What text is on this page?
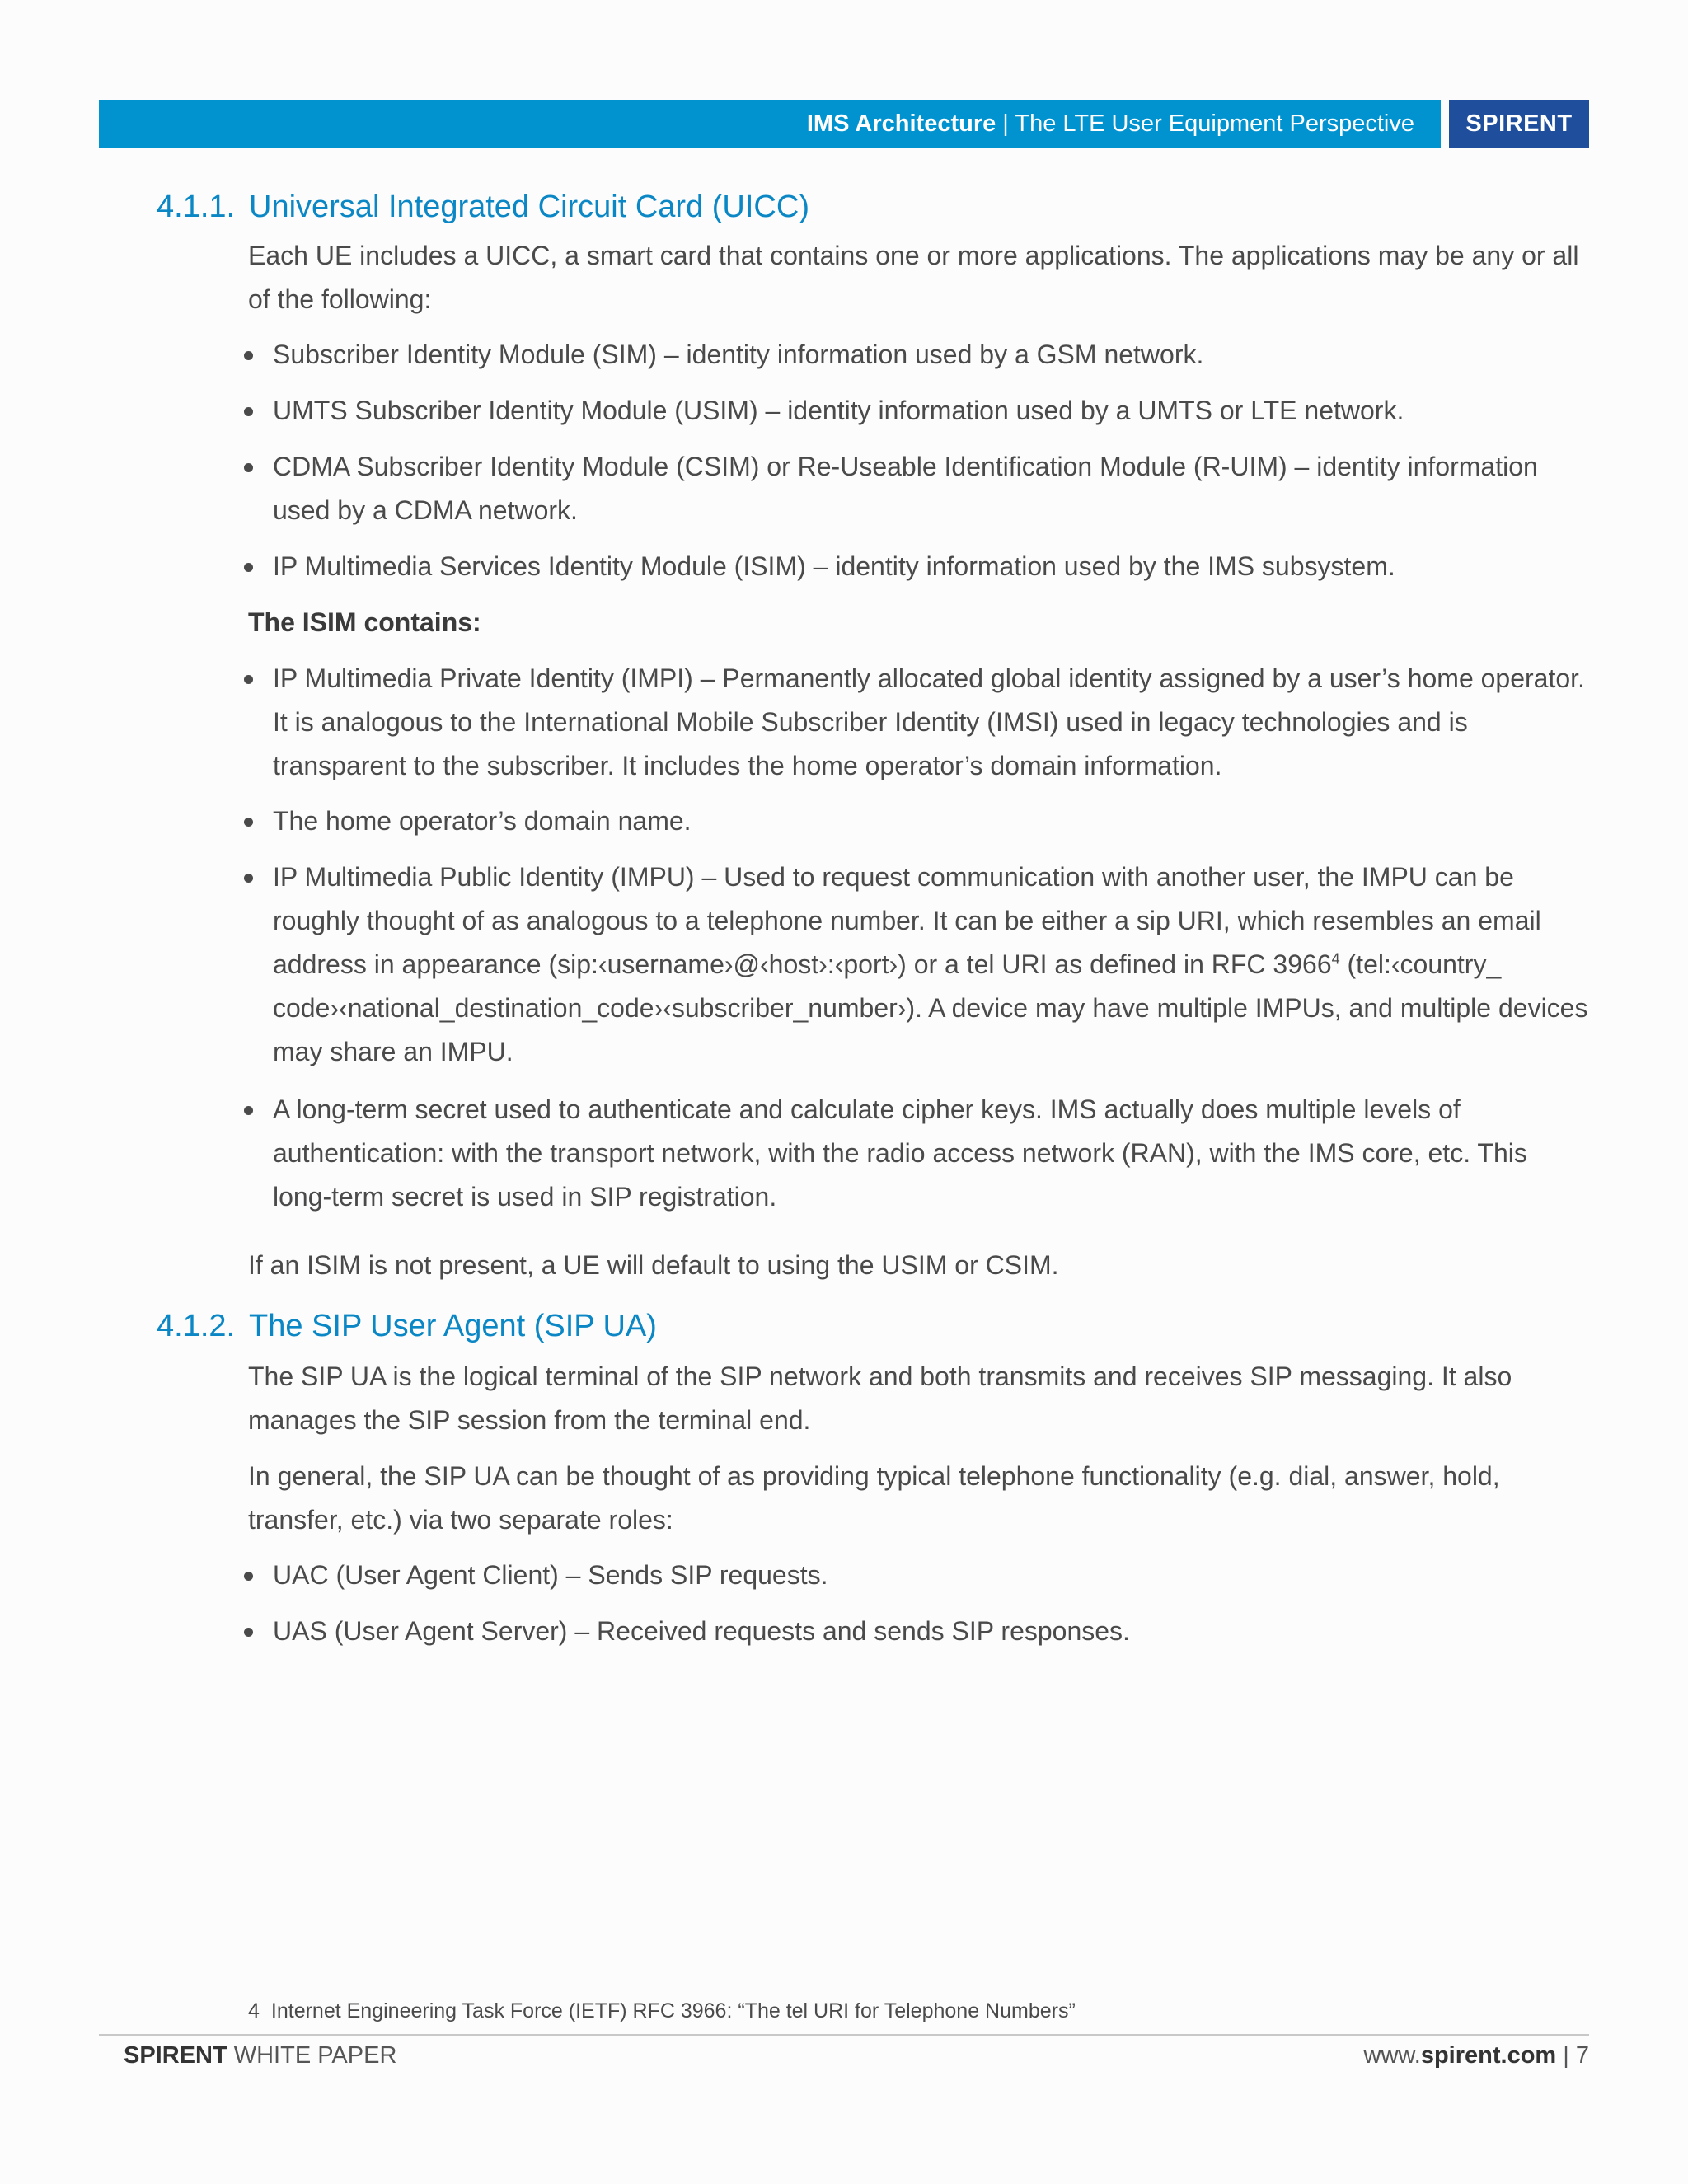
IMS Architecture | The LTE User Equipment Perspective	SPIRENT
4.1.1. Universal Integrated Circuit Card (UICC)

Each UE includes a UICC, a smart card that contains one or more applications. The applications may be any or all of the following:

Subscriber Identity Module (SIM) – identity information used by a GSM network.

UMTS Subscriber Identity Module (USIM) – identity information used by a UMTS or LTE network.

CDMA Subscriber Identity Module (CSIM) or Re-Useable Identification Module (R-UIM) – identity information used by a CDMA network.

IP Multimedia Services Identity Module (ISIM) – identity information used by the IMS subsystem.

The ISIM contains:

IP Multimedia Private Identity (IMPI) – Permanently allocated global identity assigned by a user’s home operator. It is analogous to the International Mobile Subscriber Identity (IMSI) used in legacy technologies and is transparent to the subscriber. It includes the home operator’s domain information.

The home operator’s domain name.

IP Multimedia Public Identity (IMPU) – Used to request communication with another user, the IMPU can be roughly thought of as analogous to a telephone number. It can be either a sip URI, which resembles an email address in appearance (sip:‹username›@‹host›:‹port›) or a tel URI as defined in RFC 3966$^4$ (tel:‹country_ code›‹national_destination_code›‹subscriber_number›). A device may have multiple IMPUs, and multiple devices may share an IMPU.

A long-term secret used to authenticate and calculate cipher keys. IMS actually does multiple levels of authentication: with the transport network, with the radio access network (RAN), with the IMS core, etc. This long-term secret is used in SIP registration.

If an ISIM is not present, a UE will default to using the USIM or CSIM.

4.1.2. The SIP User Agent (SIP UA)

The SIP UA is the logical terminal of the SIP network and both transmits and receives SIP messaging. It also manages the SIP session from the terminal end.

In general, the SIP UA can be thought of as providing typical telephone functionality (e.g. dial, answer, hold, transfer, etc.) via two separate roles:

UAC (User Agent Client) – Sends SIP requests.

UAS (User Agent Server) – Received requests and sends SIP responses.

4 Internet Engineering Task Force (IETF) RFC 3966: “The tel URI for Telephone Numbers”
SPIRENT WHITE PAPER	www.spirent.com | 7
